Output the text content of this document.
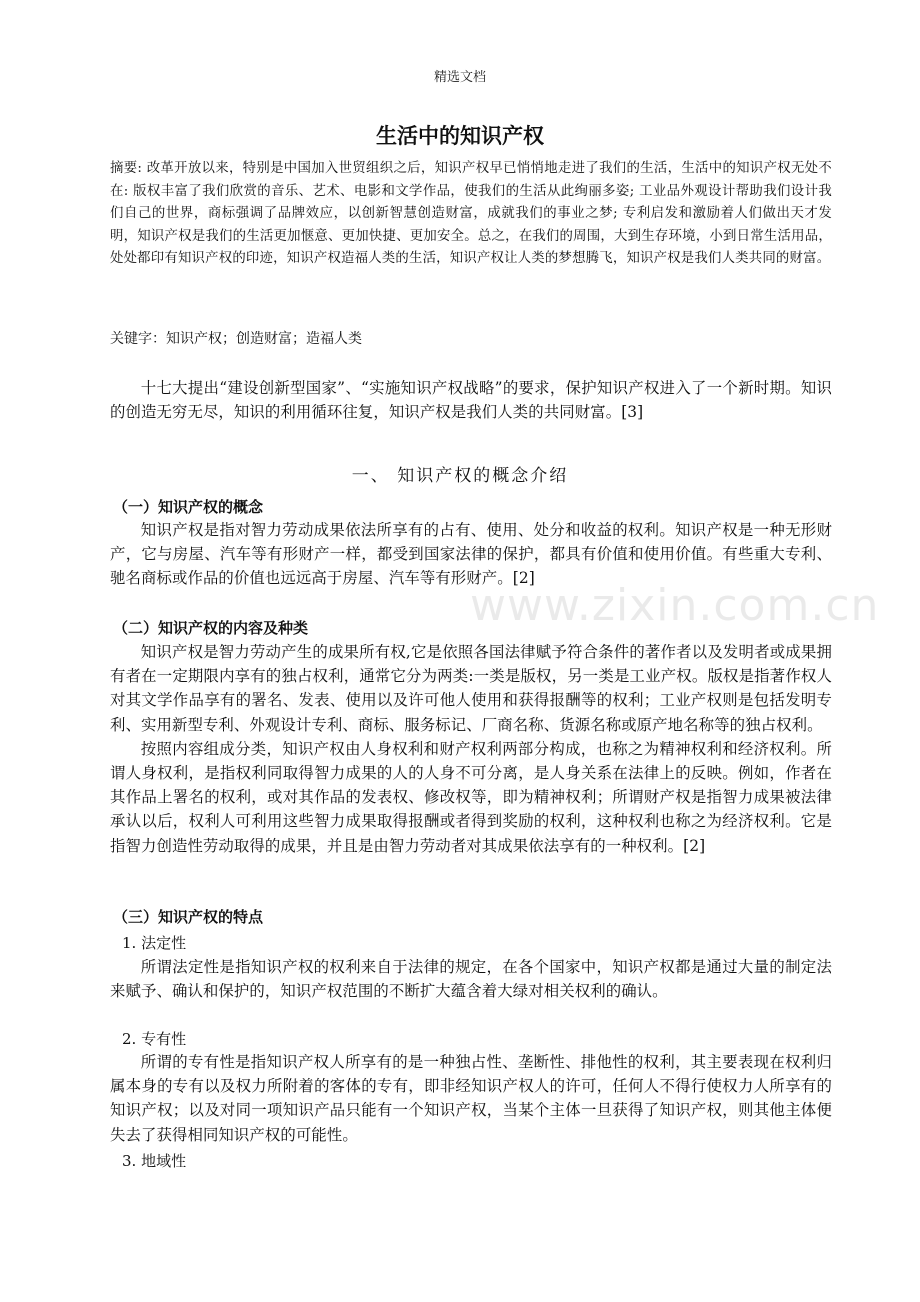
精选文档
生活中的知识产权
摘要: 改革开放以来，特别是中国加入世贸组织之后，知识产权早已悄悄地走进了我们的生活，生活中的知识产权无处不在: 版权丰富了我们欣赏的音乐、艺术、电影和文学作品，使我们的生活从此绚丽多姿; 工业品外观设计帮助我们设计我们自己的世界，商标强调了品牌效应，以创新智慧创造财富，成就我们的事业之梦; 专利启发和激励着人们做出天才发明，知识产权是我们的生活更加惬意、更加快捷、更加安全。总之，在我们的周围，大到生存环境，小到日常生活用品，处处都印有知识产权的印迹，知识产权造福人类的生活，知识产权让人类的梦想腾飞，知识产权是我们人类共同的财富。
关键字：知识产权；创造财富；造福人类

十七大提出“建设创新型国家”、“实施知识产权战略”的要求，保护知识产权进入了一个新时期。知识的创造无穷无尽，知识的利用循环往复，知识产权是我们人类的共同财富。[3]

一、 知识产权的概念介绍
（一）知识产权的概念

知识产权是指对智力劳动成果依法所享有的占有、使用、处分和收益的权利。知识产权是一种无形财产，它与房屋、汽车等有形财产一样，都受到国家法律的保护，都具有价值和使用价值。有些重大专利、驰名商标或作品的价值也远远高于房屋、汽车等有形财产。[2]

（二）知识产权的内容及种类

知识产权是智力劳动产生的成果所有权,它是依照各国法律赋予符合条件的著作者以及发明者或成果拥有者在一定期限内享有的独占权利，通常它分为两类:一类是版权，另一类是工业产权。版权是指著作权人对其文学作品享有的署名、发表、使用以及许可他人使用和获得报酬等的权利；工业产权则是包括发明专利、实用新型专利、外观设计专利、商标、服务标记、厂商名称、货源名称或原产地名称等的独占权利。

按照内容组成分类，知识产权由人身权利和财产权利两部分构成，也称之为精神权利和经济权利。所谓人身权利，是指权利同取得智力成果的人的人身不可分离，是人身关系在法律上的反映。例如，作者在其作品上署名的权利，或对其作品的发表权、修改权等，即为精神权利；所谓财产权是指智力成果被法律承认以后，权利人可利用这些智力成果取得报酬或者得到奖励的权利，这种权利也称之为经济权利。它是指智力创造性劳动取得的成果，并且是由智力劳动者对其成果依法享有的一种权利。[2]

（三）知识产权的特点
1. 法定性

所谓法定性是指知识产权的权利来自于法律的规定，在各个国家中，知识产权都是通过大量的制定法来赋予、确认和保护的，知识产权范围的不断扩大蕴含着大绿对相关权利的确认。

2. 专有性

所谓的专有性是指知识产权人所享有的是一种独占性、垄断性、排他性的权利，其主要表现在权利归属本身的专有以及权力所附着的客体的专有，即非经知识产权人的许可，任何人不得行使权力人所享有的知识产权；以及对同一项知识产品只能有一个知识产权，当某个主体一旦获得了知识产权，则其他主体便失去了获得相同知识产权的可能性。

3. 地域性
www.zixin.com.cn
